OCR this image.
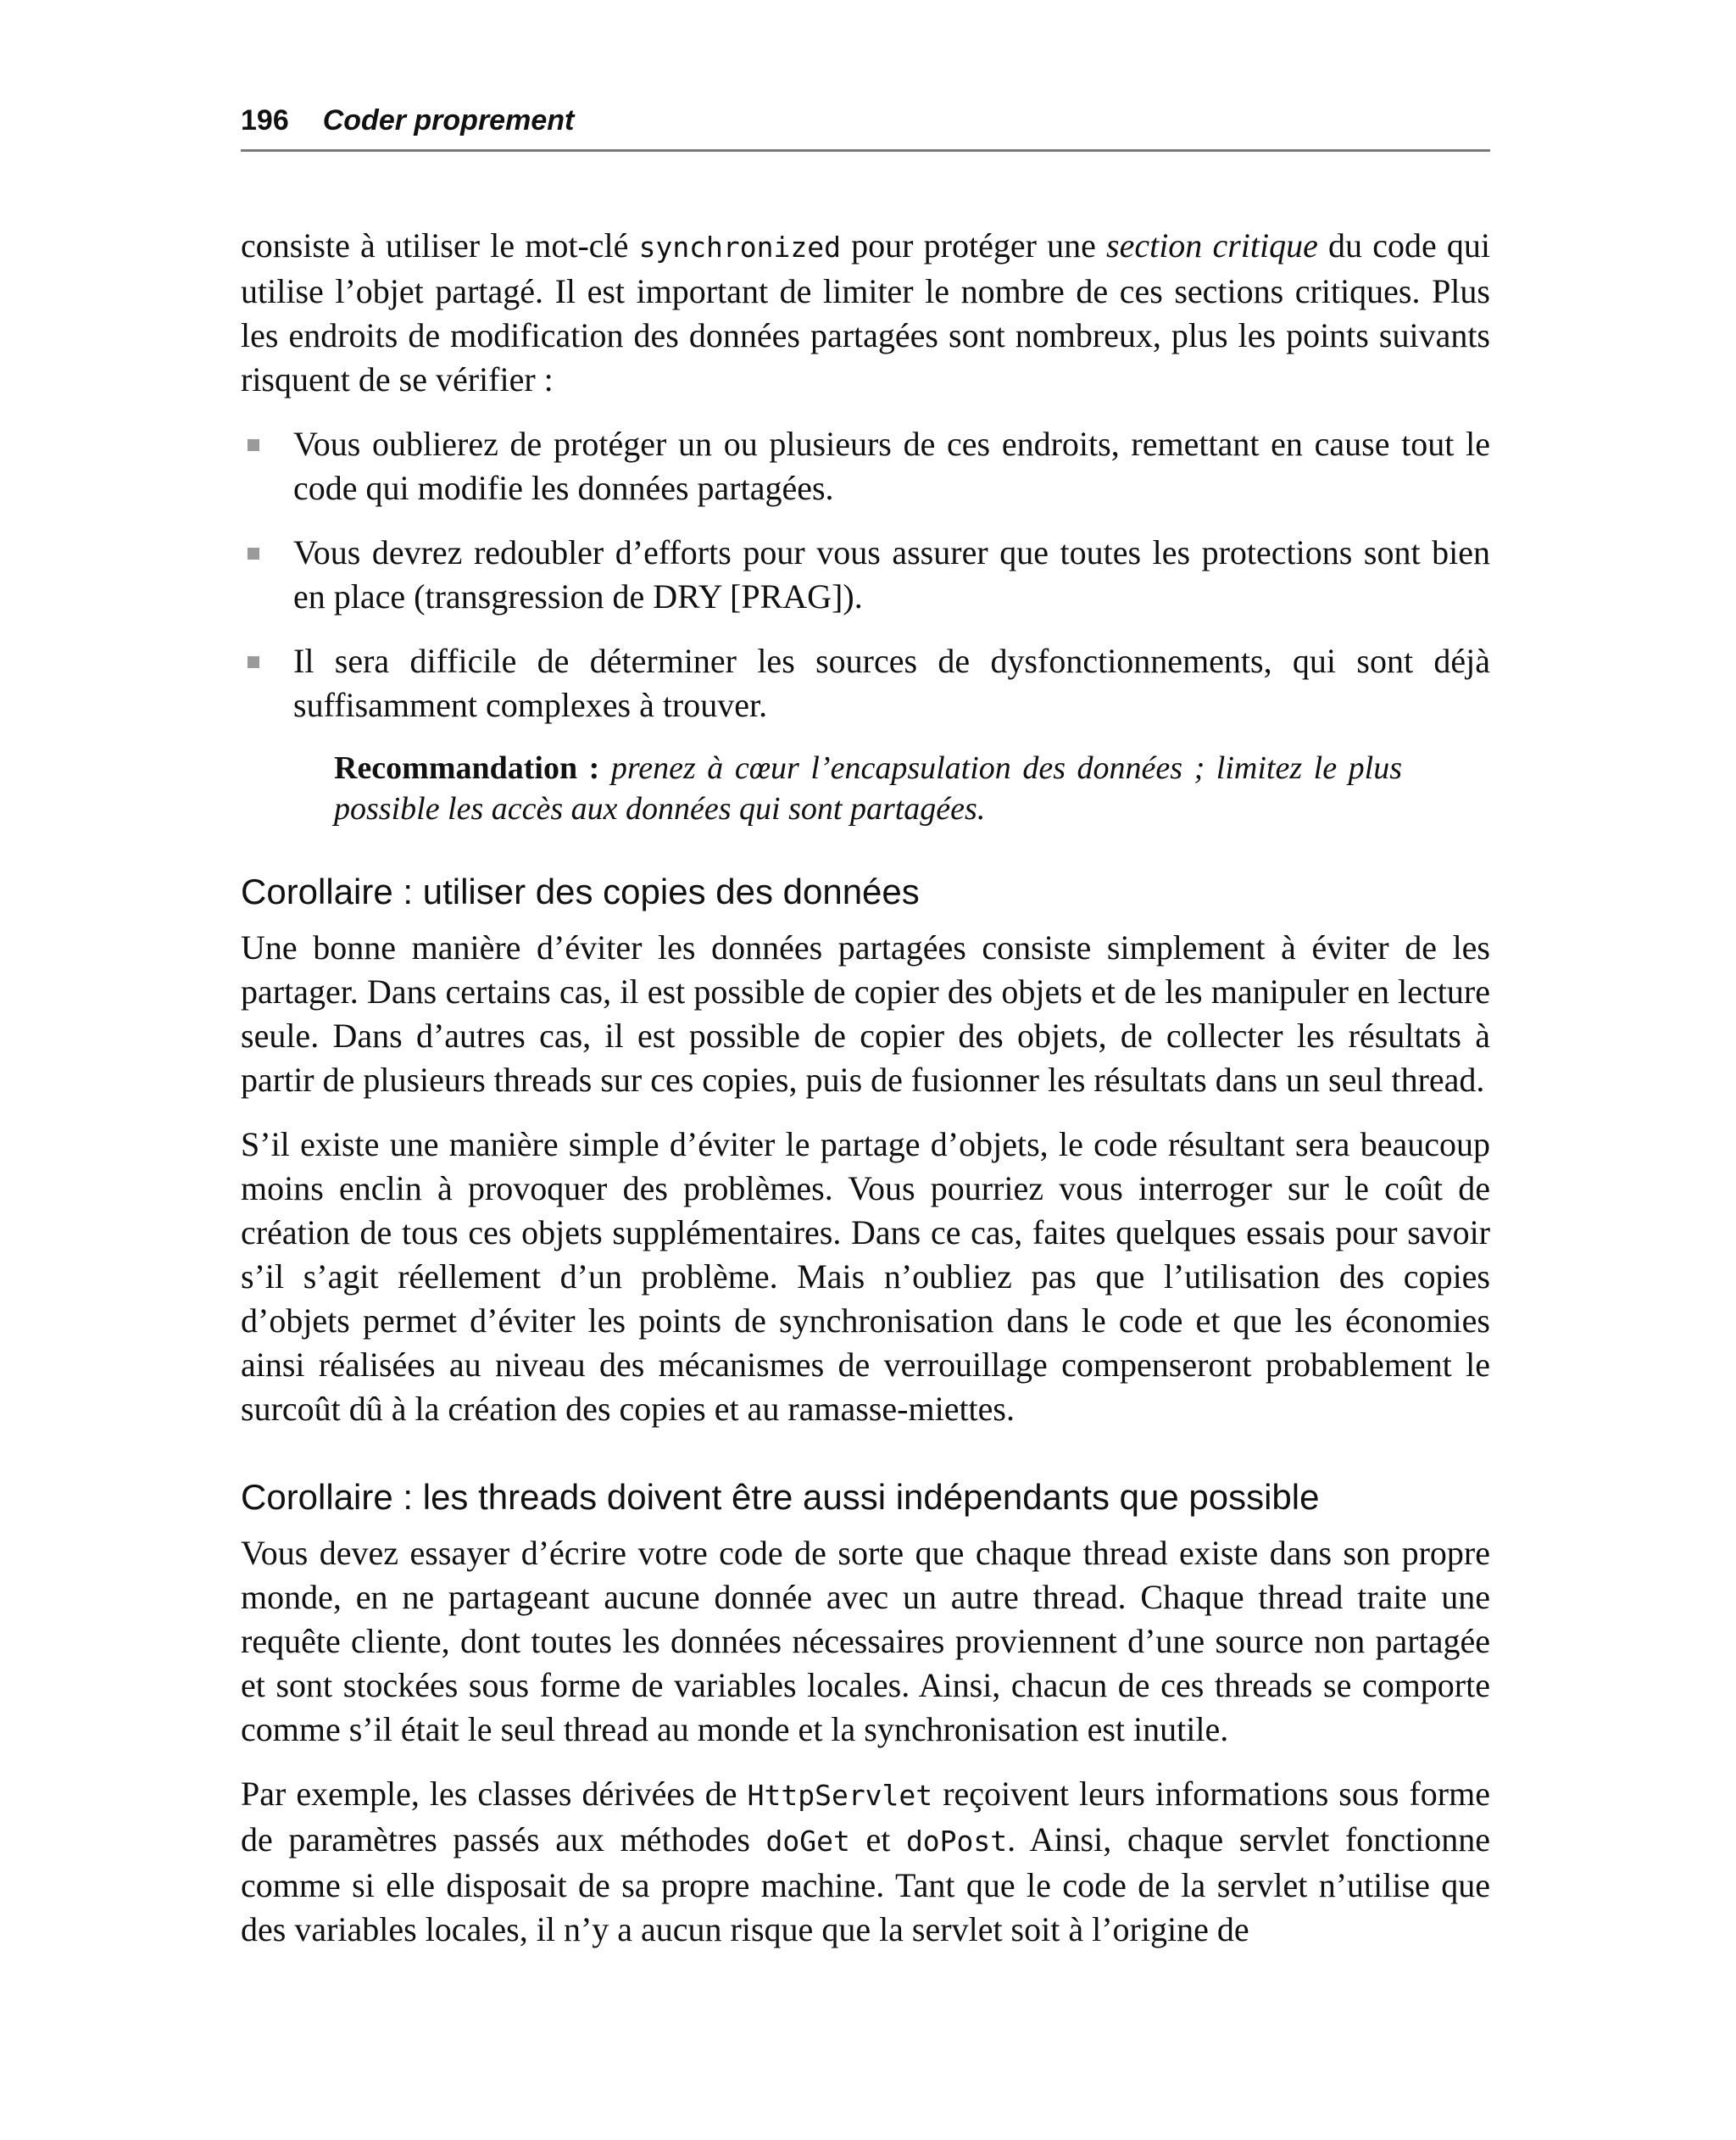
196 Coder proprement

consiste à utiliser le mot-clé synchronized pour protéger une section critique du code qui utilise l’objet partagé. Il est important de limiter le nombre de ces sections critiques. Plus les endroits de modification des données partagées sont nombreux, plus les points suivants risquent de se vérifier :

Vous oublierez de protéger un ou plusieurs de ces endroits, remettant en cause tout le code qui modifie les données partagées.
Vous devrez redoubler d’efforts pour vous assurer que toutes les protections sont bien en place (transgression de DRY [PRAG]).
Il sera difficile de déterminer les sources de dysfonctionnements, qui sont déjà suffisamment complexes à trouver.

Recommandation : prenez à cœur l’encapsulation des données ; limitez le plus possible les accès aux données qui sont partagées.

Corollaire : utiliser des copies des données

Une bonne manière d’éviter les données partagées consiste simplement à éviter de les partager. Dans certains cas, il est possible de copier des objets et de les manipuler en lecture seule. Dans d’autres cas, il est possible de copier des objets, de collecter les résultats à partir de plusieurs threads sur ces copies, puis de fusionner les résultats dans un seul thread.

S’il existe une manière simple d’éviter le partage d’objets, le code résultant sera beaucoup moins enclin à provoquer des problèmes. Vous pourriez vous interroger sur le coût de création de tous ces objets supplémentaires. Dans ce cas, faites quelques essais pour savoir s’il s’agit réellement d’un problème. Mais n’oubliez pas que l’utilisation des copies d’objets permet d’éviter les points de synchronisation dans le code et que les économies ainsi réalisées au niveau des mécanismes de verrouillage compenseront probablement le surcoût dû à la création des copies et au ramasse-miettes.

Corollaire : les threads doivent être aussi indépendants que possible

Vous devez essayer d’écrire votre code de sorte que chaque thread existe dans son propre monde, en ne partageant aucune donnée avec un autre thread. Chaque thread traite une requête cliente, dont toutes les données nécessaires proviennent d’une source non partagée et sont stockées sous forme de variables locales. Ainsi, chacun de ces threads se comporte comme s’il était le seul thread au monde et la synchronisation est inutile.

Par exemple, les classes dérivées de HttpServlet reçoivent leurs informations sous forme de paramètres passés aux méthodes doGet et doPost. Ainsi, chaque servlet fonctionne comme si elle disposait de sa propre machine. Tant que le code de la servlet n’utilise que des variables locales, il n’y a aucun risque que la servlet soit à l’origine de
